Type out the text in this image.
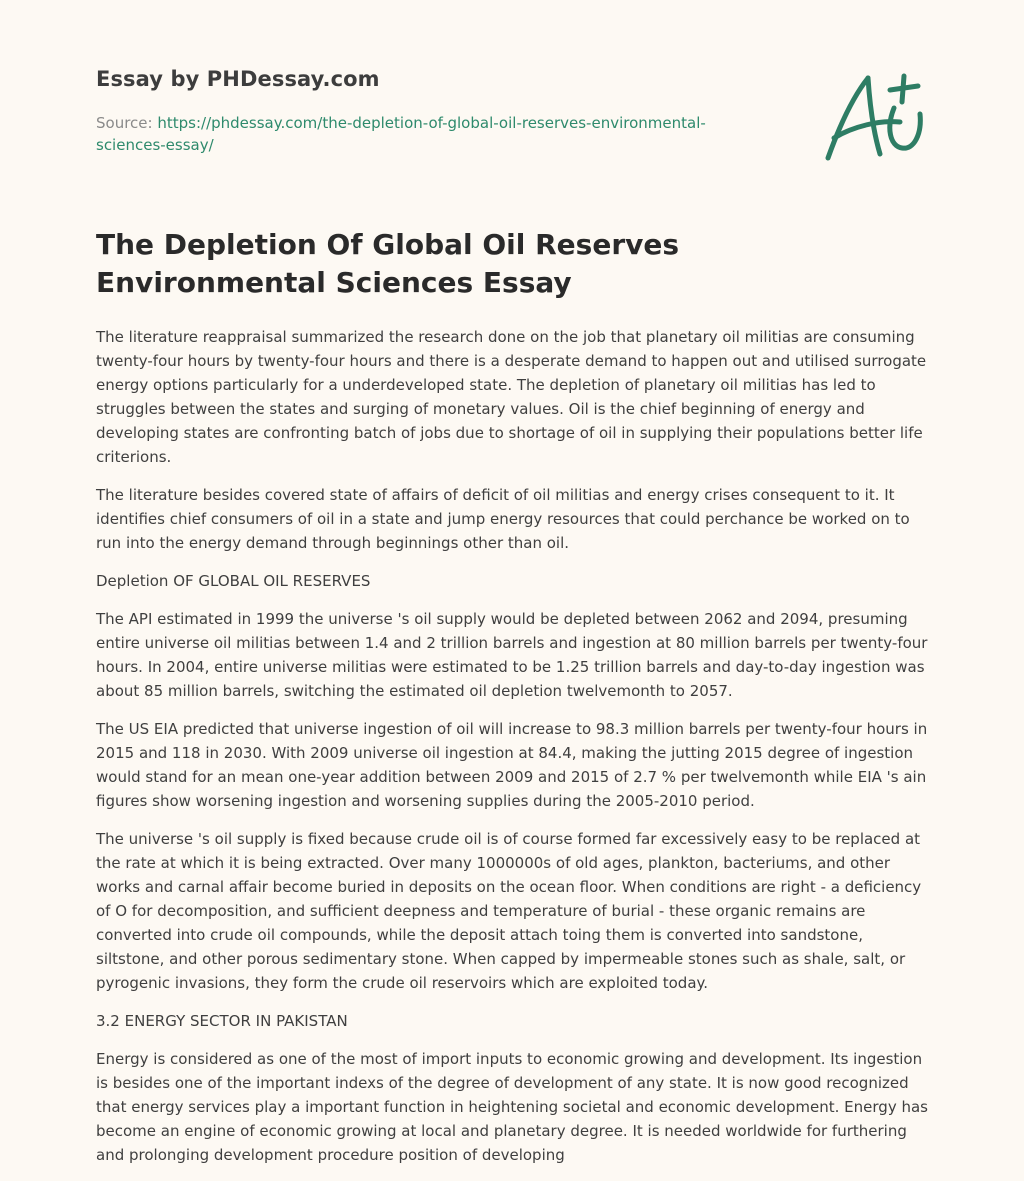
Essay by PHDessay.com
Source: https://phdessay.com/the-depletion-of-global-oil-reserves-environmental-sciences-essay/
The Depletion Of Global Oil Reserves Environmental Sciences Essay

The literature reappraisal summarized the research done on the job that planetary oil militias are consuming twenty-four hours by twenty-four hours and there is a desperate demand to happen out and utilised surrogate energy options particularly for a underdeveloped state. The depletion of planetary oil militias has led to struggles between the states and surging of monetary values. Oil is the chief beginning of energy and developing states are confronting batch of jobs due to shortage of oil in supplying their populations better life criterions.

The literature besides covered state of affairs of deficit of oil militias and energy crises consequent to it. It identifies chief consumers of oil in a state and jump energy resources that could perchance be worked on to run into the energy demand through beginnings other than oil.

Depletion OF GLOBAL OIL RESERVES

The API estimated in 1999 the universe 's oil supply would be depleted between 2062 and 2094, presuming entire universe oil militias between 1.4 and 2 trillion barrels and ingestion at 80 million barrels per twenty-four hours. In 2004, entire universe militias were estimated to be 1.25 trillion barrels and day-to-day ingestion was about 85 million barrels, switching the estimated oil depletion twelvemonth to 2057.

The US EIA predicted that universe ingestion of oil will increase to 98.3 million barrels per twenty-four hours in 2015 and 118 in 2030. With 2009 universe oil ingestion at 84.4, making the jutting 2015 degree of ingestion would stand for an mean one-year addition between 2009 and 2015 of 2.7 % per twelvemonth while EIA 's ain figures show worsening ingestion and worsening supplies during the 2005-2010 period.

The universe 's oil supply is fixed because crude oil is of course formed far excessively easy to be replaced at the rate at which it is being extracted. Over many 1000000s of old ages, plankton, bacteriums, and other works and carnal affair become buried in deposits on the ocean floor. When conditions are right - a deficiency of O for decomposition, and sufficient deepness and temperature of burial - these organic remains are converted into crude oil compounds, while the deposit attach toing them is converted into sandstone, siltstone, and other porous sedimentary stone. When capped by impermeable stones such as shale, salt, or pyrogenic invasions, they form the crude oil reservoirs which are exploited today.

3.2 ENERGY SECTOR IN PAKISTAN

Energy is considered as one of the most of import inputs to economic growing and development. Its ingestion is besides one of the important indexs of the degree of development of any state. It is now good recognized that energy services play a important function in heightening societal and economic development. Energy has become an engine of economic growing at local and planetary degree. It is needed worldwide for furthering and prolonging development procedure position of developing
